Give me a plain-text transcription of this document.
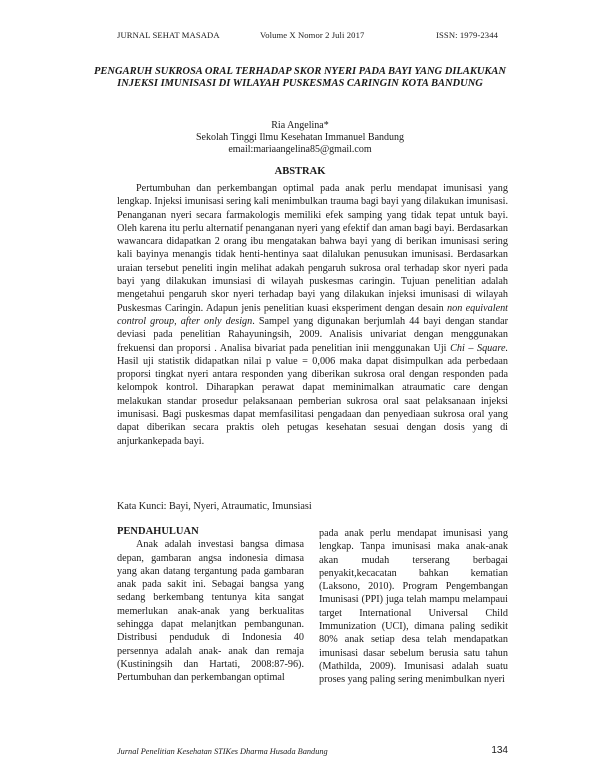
JURNAL SEHAT MASADA	Volume X Nomor 2 Juli 2017	ISSN: 1979-2344
PENGARUH SUKROSA ORAL TERHADAP SKOR NYERI PADA BAYI YANG DILAKUKAN INJEKSI IMUNISASI DI WILAYAH PUSKESMAS CARINGIN KOTA BANDUNG
Ria Angelina*
Sekolah Tinggi Ilmu Kesehatan Immanuel Bandung
email:mariaangelina85@gmail.com
ABSTRAK

Pertumbuhan dan perkembangan optimal pada anak perlu mendapat imunisasi yang lengkap. Injeksi imunisasi sering kali menimbulkan trauma bagi bayi yang dilakukan imunisasi. Penanganan nyeri secara farmakologis memiliki efek samping yang tidak tepat untuk bayi. Oleh karena itu perlu alternatif penanganan nyeri yang efektif dan aman bagi bayi. Berdasarkan wawancara didapatkan 2 orang ibu mengatakan bahwa bayi yang di berikan imunisasi sering kali bayinya menangis tidak henti-hentinya saat dilalukan penusukan imunisasi. Berdasarkan uraian tersebut peneliti ingin melihat adakah pengaruh sukrosa oral terhadap skor nyeri pada bayi yang dilakukan imunsiasi di wilayah puskesmas caringin. Tujuan penelitian adalah mengetahui pengaruh skor nyeri terhadap bayi yang dilakukan injeksi imunisasi di wilayah Puskesmas Caringin. Adapun jenis penelitian kuasi eksperiment dengan desain non equivalent control group, after only design. Sampel yang digunakan berjumlah 44 bayi dengan standar deviasi pada penelitian Rahayuningsih, 2009. Analisis univariat dengan menggunakan frekuensi dan proporsi . Analisa bivariat pada penelitian inii menggunakan Uji Chi – Square. Hasil uji statistik didapatkan nilai p value = 0,006 maka dapat disimpulkan ada perbedaan proporsi tingkat nyeri antara responden yang diberikan sukrosa oral dengan responden pada kelompok kontrol. Diharapkan perawat dapat meminimalkan atraumatic care dengan melakukan standar prosedur pelaksanaan pemberian sukrosa oral saat pelaksanaan injeksi imunisasi. Bagi puskesmas dapat memfasilitasi pengadaan dan penyediaan sukrosa oral yang dapat diberikan secara praktis oleh petugas kesehatan sesuai dengan dosis yang di anjurkankepada bayi.

Kata Kunci: Bayi, Nyeri, Atraumatic, Imunsiasi
PENDAHULUAN

Anak adalah investasi bangsa dimasa depan, gambaran angsa indonesia dimasa yang akan datang tergantung pada gambaran anak pada sakit ini. Sebagai bangsa yang sedang berkembang tentunya kita sangat memerlukan anak-anak yang berkualitas sehingga dapat melanjtkan pembangunan. Distribusi penduduk di Indonesia 40 persennya adalah anak- anak dan remaja (Kustiningsih dan Hartati, 2008:87-96). Pertumbuhan dan perkembangan optimal

pada anak perlu mendapat imunisasi yang lengkap. Tanpa imunisasi maka anak-anak akan mudah terserang berbagai penyakit,kecacatan bahkan kematian (Laksono, 2010). Program Pengembangan Imunisasi (PPI) juga telah mampu melampaui target International Universal Child Immunization (UCI), dimana paling sedikit 80% anak setiap desa telah mendapatkan imunisasi dasar sebelum berusia satu tahun (Mathilda, 2009). Imunisasi adalah suatu proses yang paling sering menimbulkan nyeri

Jurnal Penelitian Kesehatan STIKes Dharma Husada Bandung	134
